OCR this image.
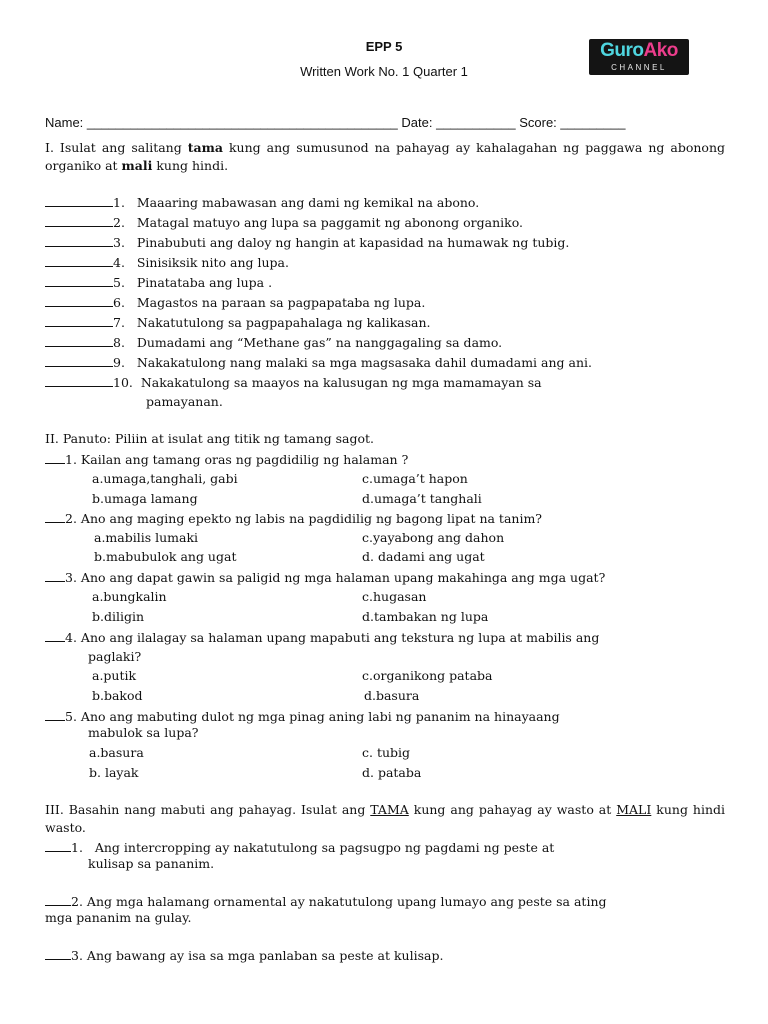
EPP 5
Written Work No. 1 Quarter 1
GuroAko
CHANNEL
Name: ___________________________________________ Date: ___________ Score: _________
I. Isulat ang salitang tama kung ang sumusunod na pahayag ay kahalagahan ng paggawa ng abonong organiko at mali kung hindi.
1. Maaaring mabawasan ang dami ng kemikal na abono.
2. Matagal matuyo ang lupa sa paggamit ng abonong organiko.
3. Pinabubuti ang daloy ng hangin at kapasidad na humawak ng tubig.
4. Sinisiksik nito ang lupa.
5. Pinatataba ang lupa .
6. Magastos na paraan sa pagpapataba ng lupa.
7. Nakatutulong sa pagpapahalaga ng kalikasan.
8. Dumadami ang “Methane gas” na nanggagaling sa damo.
9. Nakakatulong nang malaki sa mga magsasaka dahil dumadami ang ani.
10. Nakakatulong sa maayos na kalusugan ng mga mamamayan sa
pamayanan.
II. Panuto: Piliin at isulat ang titik ng tamang sagot.
1. Kailan ang tamang oras ng pagdidilig ng halaman ?
a.umaga,tanghali, gabi	c.umaga’t hapon
b.umaga lamang	d.umaga’t tanghali
2. Ano ang maging epekto ng labis na pagdidilig ng bagong lipat na tanim?
a.mabilis lumaki	c.yayabong ang dahon
b.mabubulok ang ugat	d. dadami ang ugat
3. Ano ang dapat gawin sa paligid ng mga halaman upang makahinga ang mga ugat?
a.bungkalin	c.hugasan
b.diligin	d.tambakan ng lupa
4. Ano ang ilalagay sa halaman upang mapabuti ang tekstura ng lupa at mabilis ang
paglaki?
a.putik	c.organikong pataba
b.bakod	d.basura
5. Ano ang mabuting dulot ng mga pinag aning labi ng pananim na hinayaang
mabulok sa lupa?
a.basura	c. tubig
b. layak	d. pataba
III. Basahin nang mabuti ang pahayag. Isulat ang TAMA kung ang pahayag ay wasto at MALI kung hindi wasto.
1. Ang intercropping ay nakatutulong sa pagsugpo ng pagdami ng peste at
kulisap sa pananim.
2. Ang mga halamang ornamental ay nakatutulong upang lumayo ang peste sa ating
mga pananim na gulay.
3. Ang bawang ay isa sa mga panlaban sa peste at kulisap.
